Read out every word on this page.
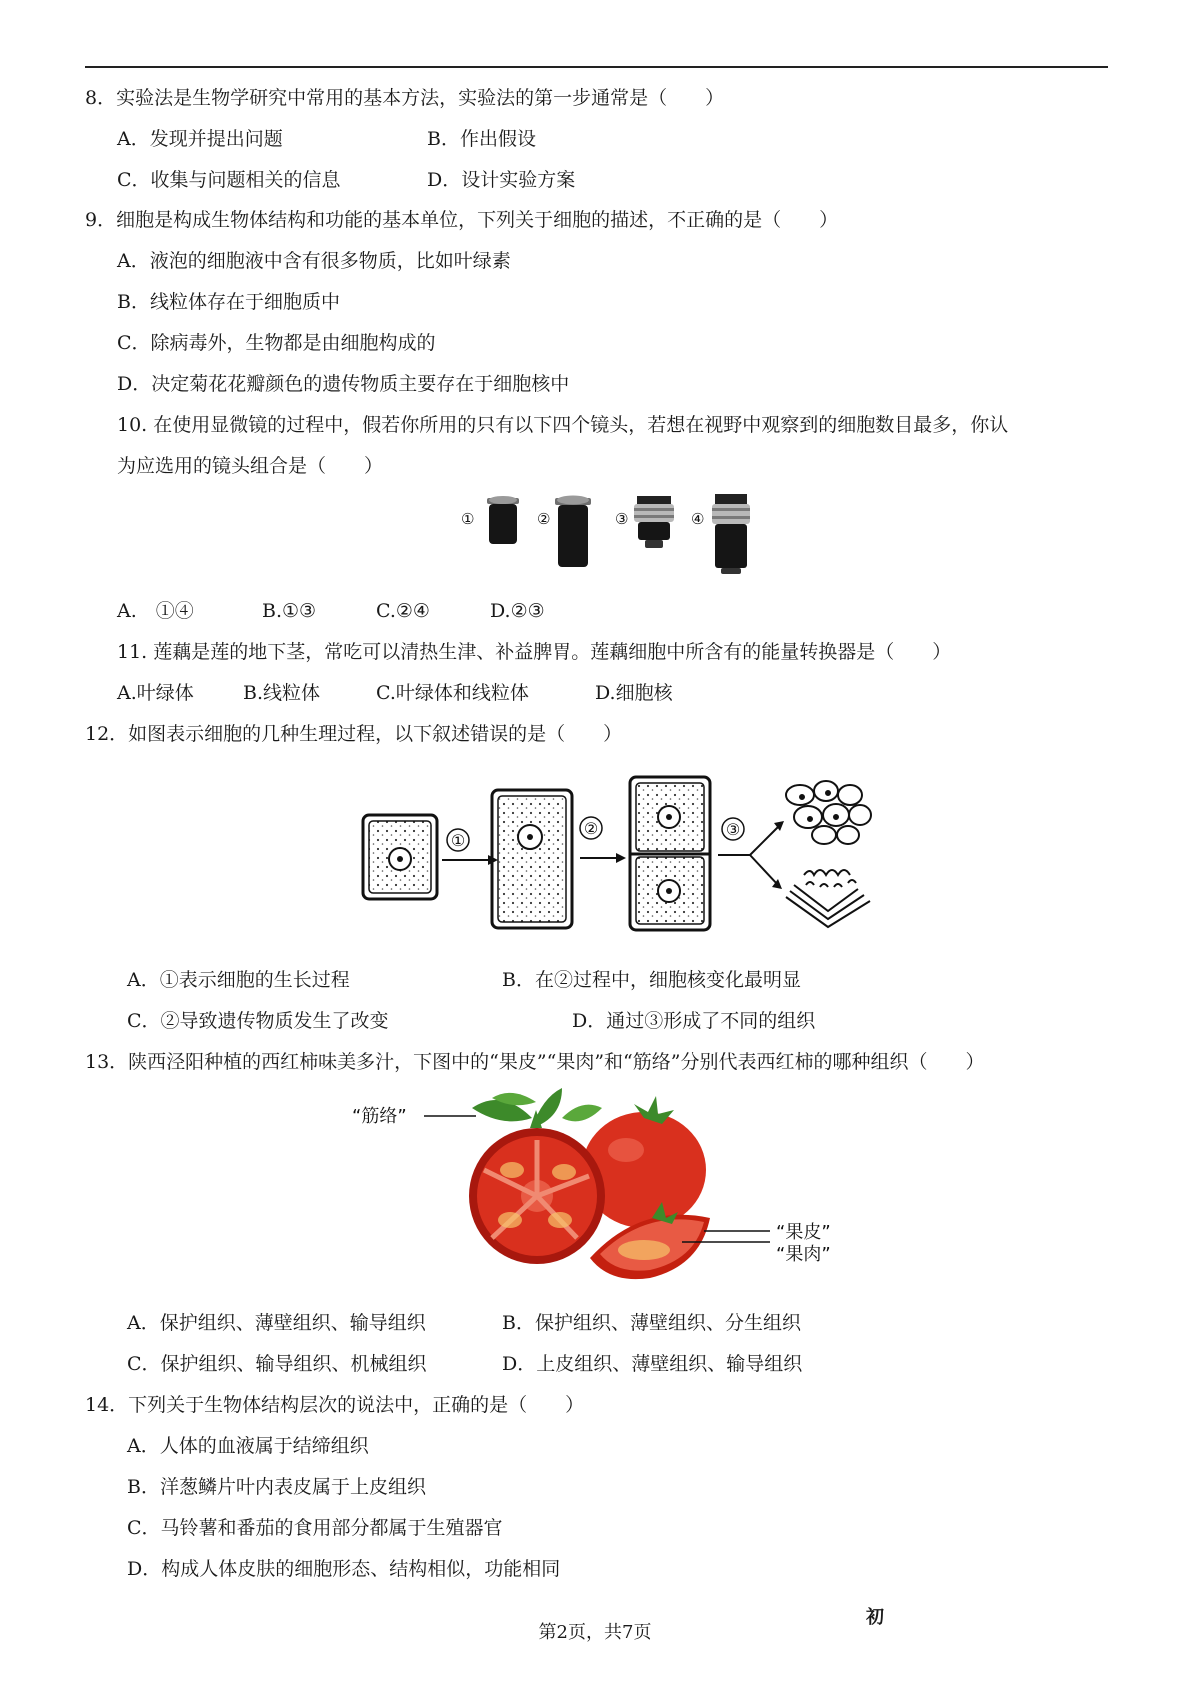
8．实验法是生物学研究中常用的基本方法，实验法的第一步通常是（　　）
A．发现并提出问题	B．作出假设
C．收集与问题相关的信息	D．设计实验方案
9．细胞是构成生物体结构和功能的基本单位，下列关于细胞的描述，不正确的是（　　）
A．液泡的细胞液中含有很多物质，比如叶绿素
B．线粒体存在于细胞质中
C．除病毒外，生物都是由细胞构成的
D．决定菊花花瓣颜色的遗传物质主要存在于细胞核中
10. 在使用显微镜的过程中，假若你所用的只有以下四个镜头，若想在视野中观察到的细胞数目最多，你认
为应选用的镜头组合是（　　）
①	②	③	④
A.　①④	B.①③	C.②④	D.②③
11. 莲藕是莲的地下茎，常吃可以清热生津、补益脾胃。莲藕细胞中所含有的能量转换器是（　　）
A.叶绿体	B.线粒体	C.叶绿体和线粒体	D.细胞核
12．如图表示细胞的几种生理过程，以下叙述错误的是（　　）
①
②	③
A．①表示细胞的生长过程	B．在②过程中，细胞核变化最明显
C．②导致遗传物质发生了改变	D．通过③形成了不同的组织
13．陕西泾阳种植的西红柿味美多汁，下图中的“果皮”“果肉”和“筋络”分别代表西红柿的哪种组织（　　）
“筋络”
“果皮”
“果肉”
A．保护组织、薄壁组织、输导组织	B．保护组织、薄壁组织、分生组织
C．保护组织、输导组织、机械组织	D．上皮组织、薄壁组织、输导组织
14．下列关于生物体结构层次的说法中，正确的是（　　）
A．人体的血液属于结缔组织
B．洋葱鳞片叶内表皮属于上皮组织
C．马铃薯和番茄的食用部分都属于生殖器官
D．构成人体皮肤的细胞形态、结构相似，功能相同
初
第2页，共7页
